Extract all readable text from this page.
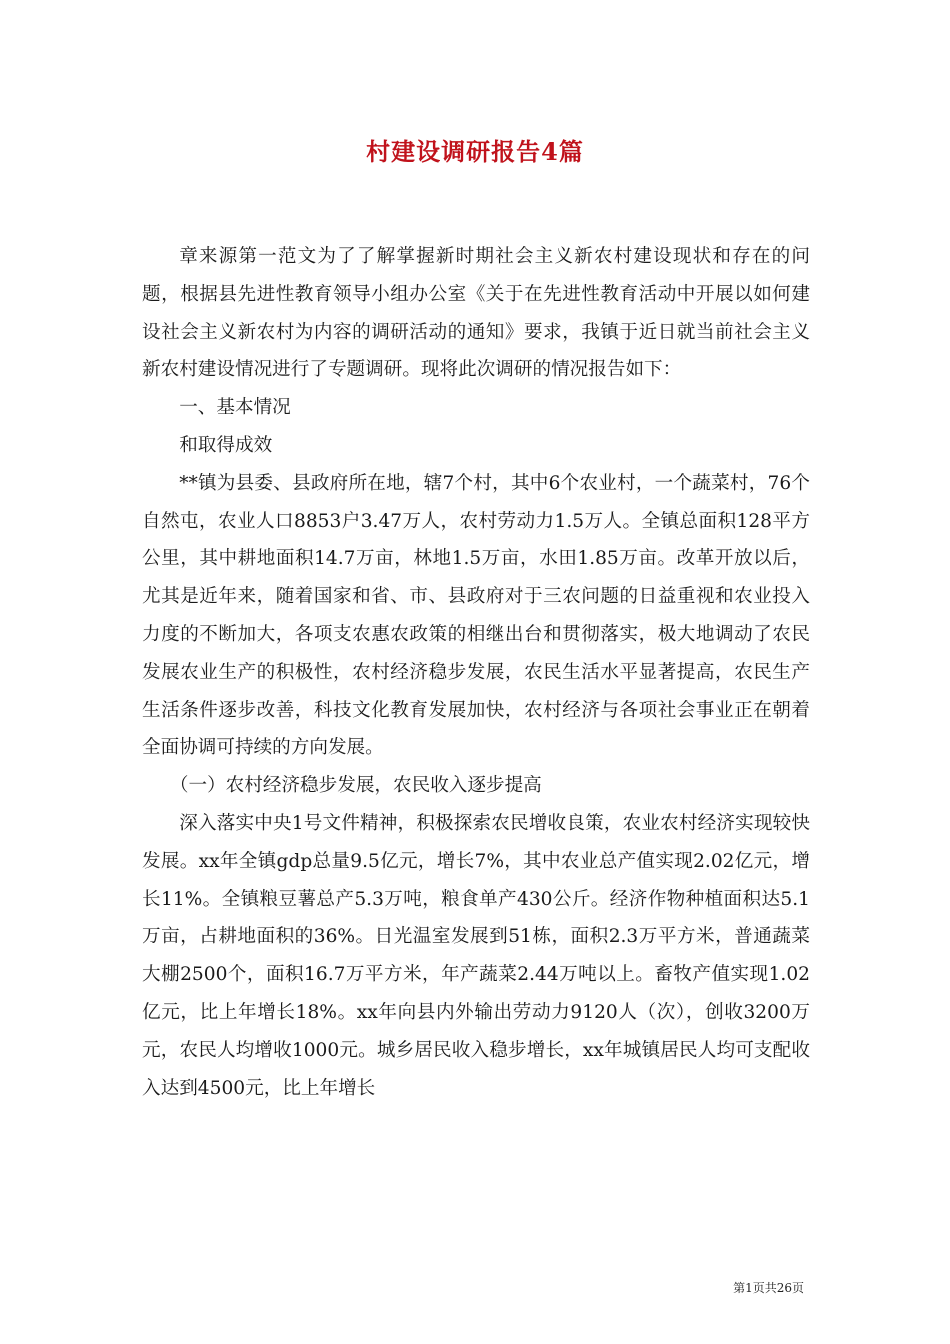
村建设调研报告4篇

章来源第一范文为了了解掌握新时期社会主义新农村建设现状和存在的问题，根据县先进性教育领导小组办公室《关于在先进性教育活动中开展以如何建设社会主义新农村为内容的调研活动的通知》要求，我镇于近日就当前社会主义新农村建设情况进行了专题调研。现将此次调研的情况报告如下：

一、基本情况

和取得成效

**镇为县委、县政府所在地，辖7个村，其中6个农业村，一个蔬菜村，76个自然屯，农业人口8853户3.47万人，农村劳动力1.5万人。全镇总面积128平方公里，其中耕地面积14.7万亩，林地1.5万亩，水田1.85万亩。改革开放以后，尤其是近年来，随着国家和省、市、县政府对于三农问题的日益重视和农业投入力度的不断加大，各项支农惠农政策的相继出台和贯彻落实，极大地调动了农民发展农业生产的积极性，农村经济稳步发展，农民生活水平显著提高，农民生产生活条件逐步改善，科技文化教育发展加快，农村经济与各项社会事业正在朝着全面协调可持续的方向发展。

（一）农村经济稳步发展，农民收入逐步提高

深入落实中央1号文件精神，积极探索农民增收良策，农业农村经济实现较快发展。xx年全镇gdp总量9.5亿元，增长7%，其中农业总产值实现2.02亿元，增长11%。全镇粮豆薯总产5.3万吨，粮食单产430公斤。经济作物种植面积达5.1万亩，占耕地面积的36%。日光温室发展到51栋，面积2.3万平方米，普通蔬菜大棚2500个，面积16.7万平方米，年产蔬菜2.44万吨以上。畜牧产值实现1.02亿元，比上年增长18%。xx年向县内外输出劳动力9120人（次），创收3200万元，农民人均增收1000元。城乡居民收入稳步增长，xx年城镇居民人均可支配收入达到4500元，比上年增长

第1页共26页
